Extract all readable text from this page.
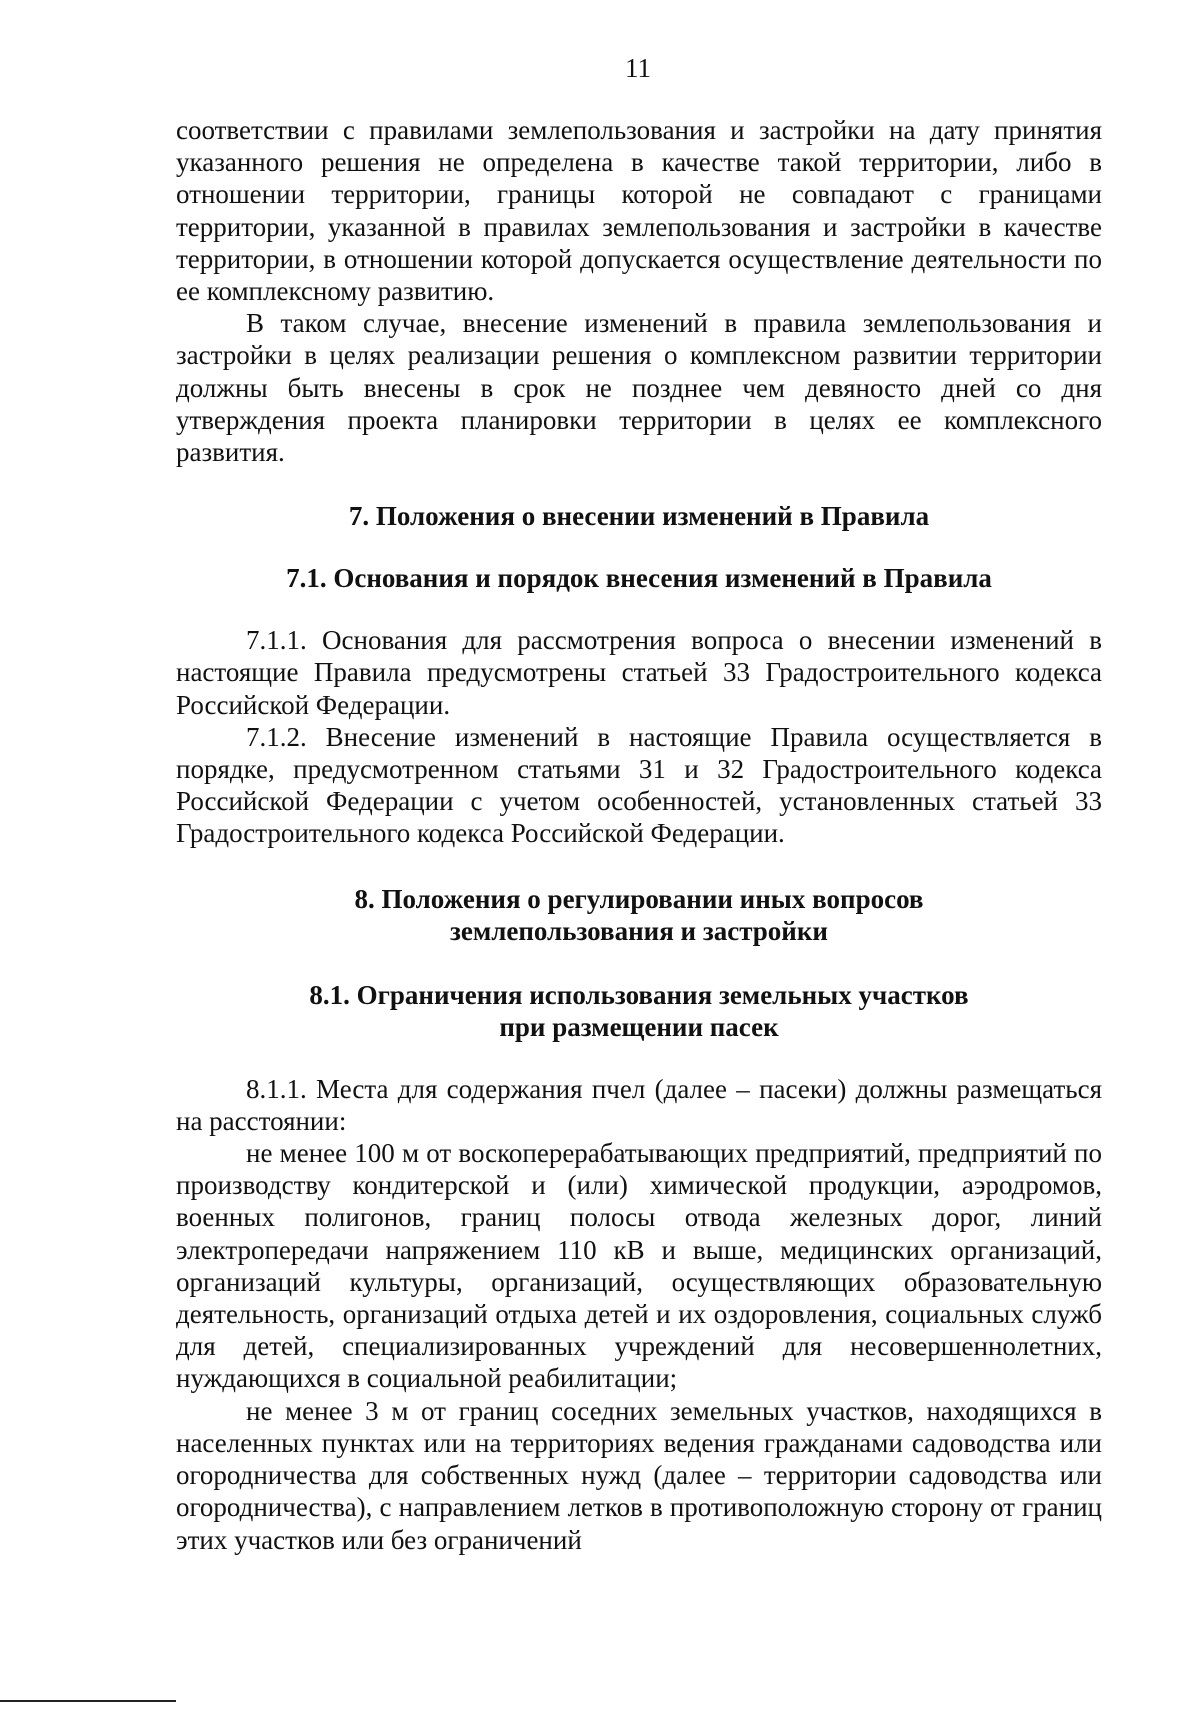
11

соответствии с правилами землепользования и застройки на дату принятия указанного решения не определена в качестве такой территории, либо в отношении территории, границы которой не совпадают с границами территории, указанной в правилах землепользования и застройки в качестве территории, в отношении которой допускается осуществление деятельности по ее комплексному развитию.

В таком случае, внесение изменений в правила землепользования и застройки в целях реализации решения о комплексном развитии территории должны быть внесены в срок не позднее чем девяносто дней со дня утверждения проекта планировки территории в целях ее комплексного развития.

7. Положения о внесении изменений в Правила
7.1. Основания и порядок внесения изменений в Правила

7.1.1. Основания для рассмотрения вопроса о внесении изменений в настоящие Правила предусмотрены статьей 33 Градостроительного кодекса Российской Федерации.

7.1.2. Внесение изменений в настоящие Правила осуществляется в порядке, предусмотренном статьями 31 и 32 Градостроительного кодекса Российской Федерации с учетом особенностей, установленных статьей 33 Градостроительного кодекса Российской Федерации.

8. Положения о регулировании иных вопросов
землепользования и застройки
8.1. Ограничения использования земельных участков
при размещении пасек

8.1.1. Места для содержания пчел (далее – пасеки) должны размещаться на расстоянии:

не менее 100 м от воскоперерабатывающих предприятий, предприятий по производству кондитерской и (или) химической продукции, аэродромов, военных полигонов, границ полосы отвода железных дорог, линий электропередачи напряжением 110 кВ и выше, медицинских организаций, организаций культуры, организаций, осуществляющих образовательную деятельность, организаций отдыха детей и их оздоровления, социальных служб для детей, специализированных учреждений для несовершеннолетних, нуждающихся в социальной реабилитации;

не менее 3 м от границ соседних земельных участков, находящихся в населенных пунктах или на территориях ведения гражданами садоводства или огородничества для собственных нужд (далее – территории садоводства или огородничества), с направлением летков в противоположную сторону от границ этих участков или без ограничений
